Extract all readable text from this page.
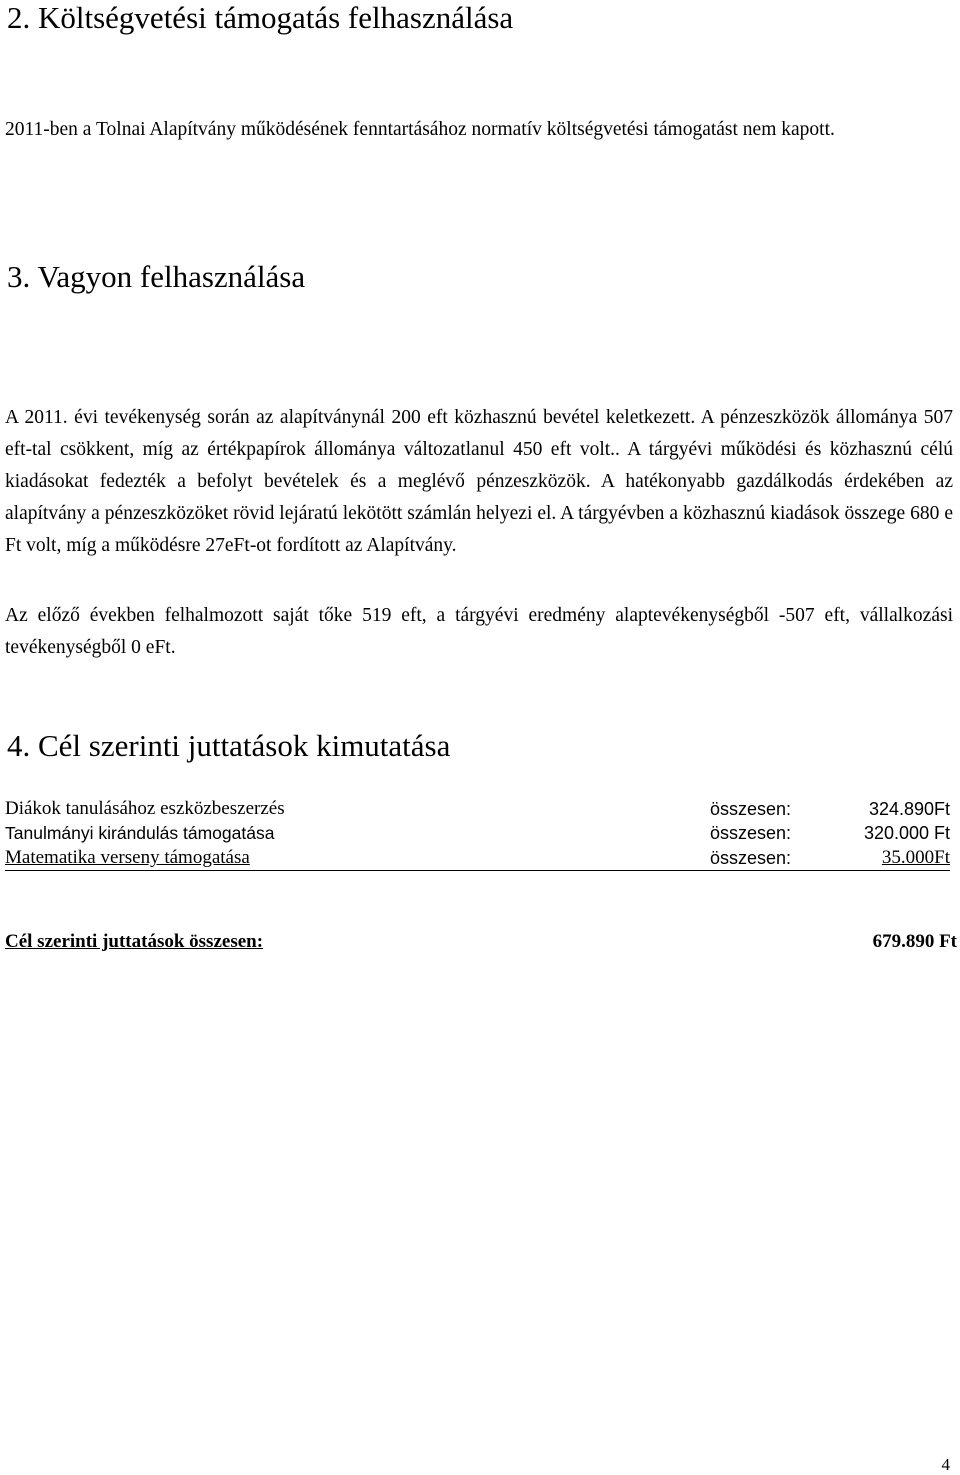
2. Költségvetési támogatás felhasználása

2011-ben a Tolnai Alapítvány működésének fenntartásához normatív költségvetési támogatást nem kapott.

3. Vagyon felhasználása

A 2011. évi tevékenység során az alapítványnál 200 eft közhasznú bevétel keletkezett. A pénzeszközök állománya 507 eft-tal csökkent, míg az értékpapírok állománya változatlanul 450 eft volt.. A tárgyévi működési és közhasznú célú kiadásokat fedezték a befolyt bevételek és a meglévő pénzeszközök. A hatékonyabb gazdálkodás érdekében az alapítvány a pénzeszközöket rövid lejáratú lekötött számlán helyezi el. A tárgyévben a közhasznú kiadások összege 680 e Ft volt, míg a működésre 27eFt-ot fordított az Alapítvány.

Az előző években felhalmozott saját tőke 519 eft, a tárgyévi eredmény alaptevékenységből -507 eft, vállalkozási tevékenységből 0 eFt.

4. Cél szerinti juttatások kimutatása
Diákok tanulásához eszközbeszerzés	összesen:	324.890Ft
Tanulmányi kirándulás támogatása	összesen:	320.000 Ft
Matematika verseny támogatása	összesen:	35.000Ft
Cél szerinti juttatások összesen:	679.890 Ft
4
